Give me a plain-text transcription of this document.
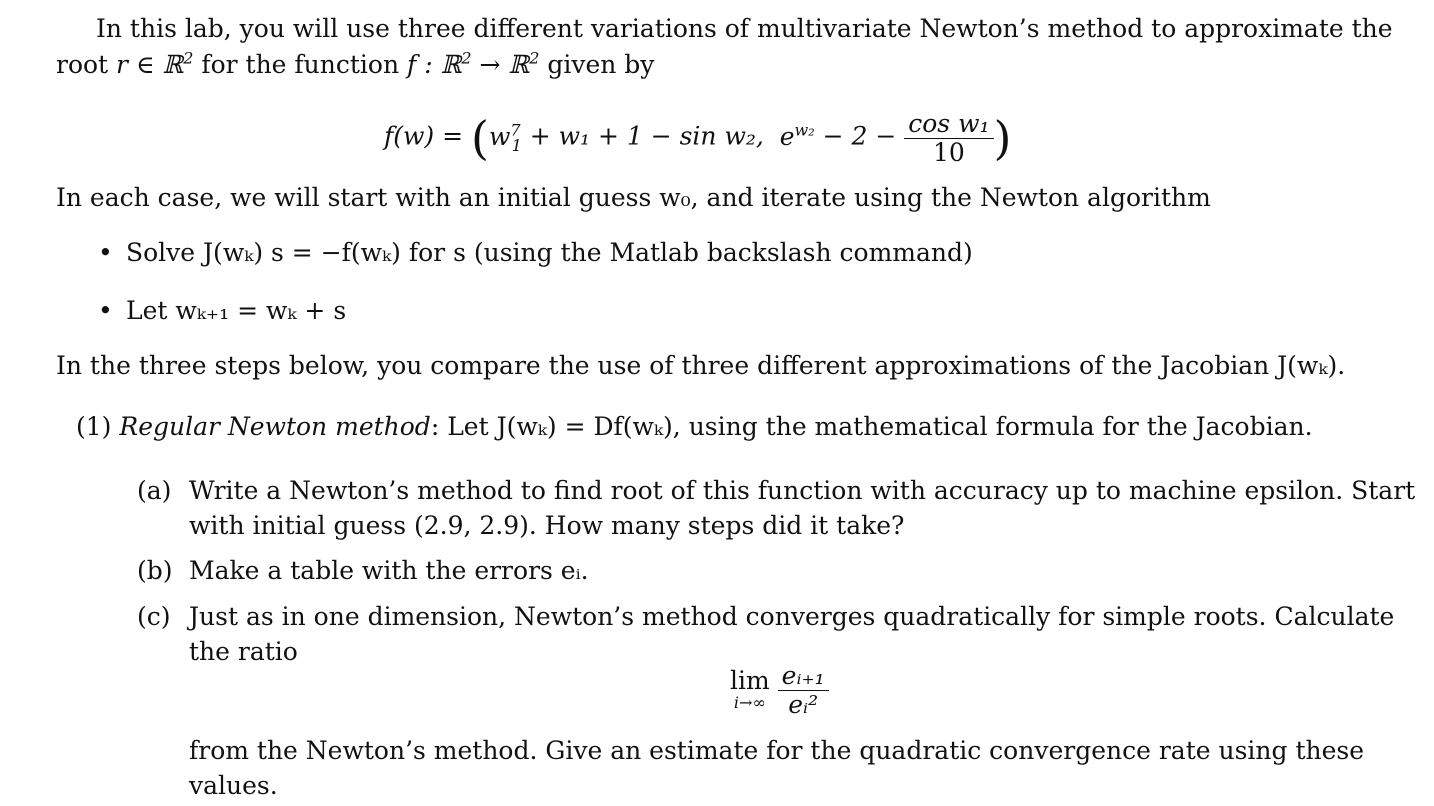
In this lab, you will use three different variations of multivariate Newton’s method to approximate the
root r ∈ ℝ$^2$ for the function f : ℝ$^2$ → ℝ$^2$ given by
$f(w) = (w^7_1 + w_1 + 1 - \sin w_2$, $e^{w_2} - 2 - \frac{\text{cos w₁}}{10}$ )
In each case, we will start with an initial guess w₀, and iterate using the Newton algorithm
• Solve J(wₖ) s = −f(wₖ) for s (using the Matlab backslash command)
• Let wₖ₊₁ = wₖ + s
In the three steps below, you compare the use of three different approximations of the Jacobian J(wₖ).
(1) Regular Newton method: Let J(wₖ) = Df(wₖ), using the mathematical formula for the Jacobian.
(a) Write a Newton’s method to find root of this function with accuracy up to machine epsilon. Start
with initial guess (2.9, 2.9). How many steps did it take?
(b) Make a table with the errors eᵢ.
(c) Just as in one dimension, Newton’s method converges quadratically for simple roots. Calculate
the ratio
lim
i→∞
$\frac{\text{eᵢ₊₁}}{\text{eᵢ²}}$
from the Newton’s method. Give an estimate for the quadratic convergence rate using these
values.
